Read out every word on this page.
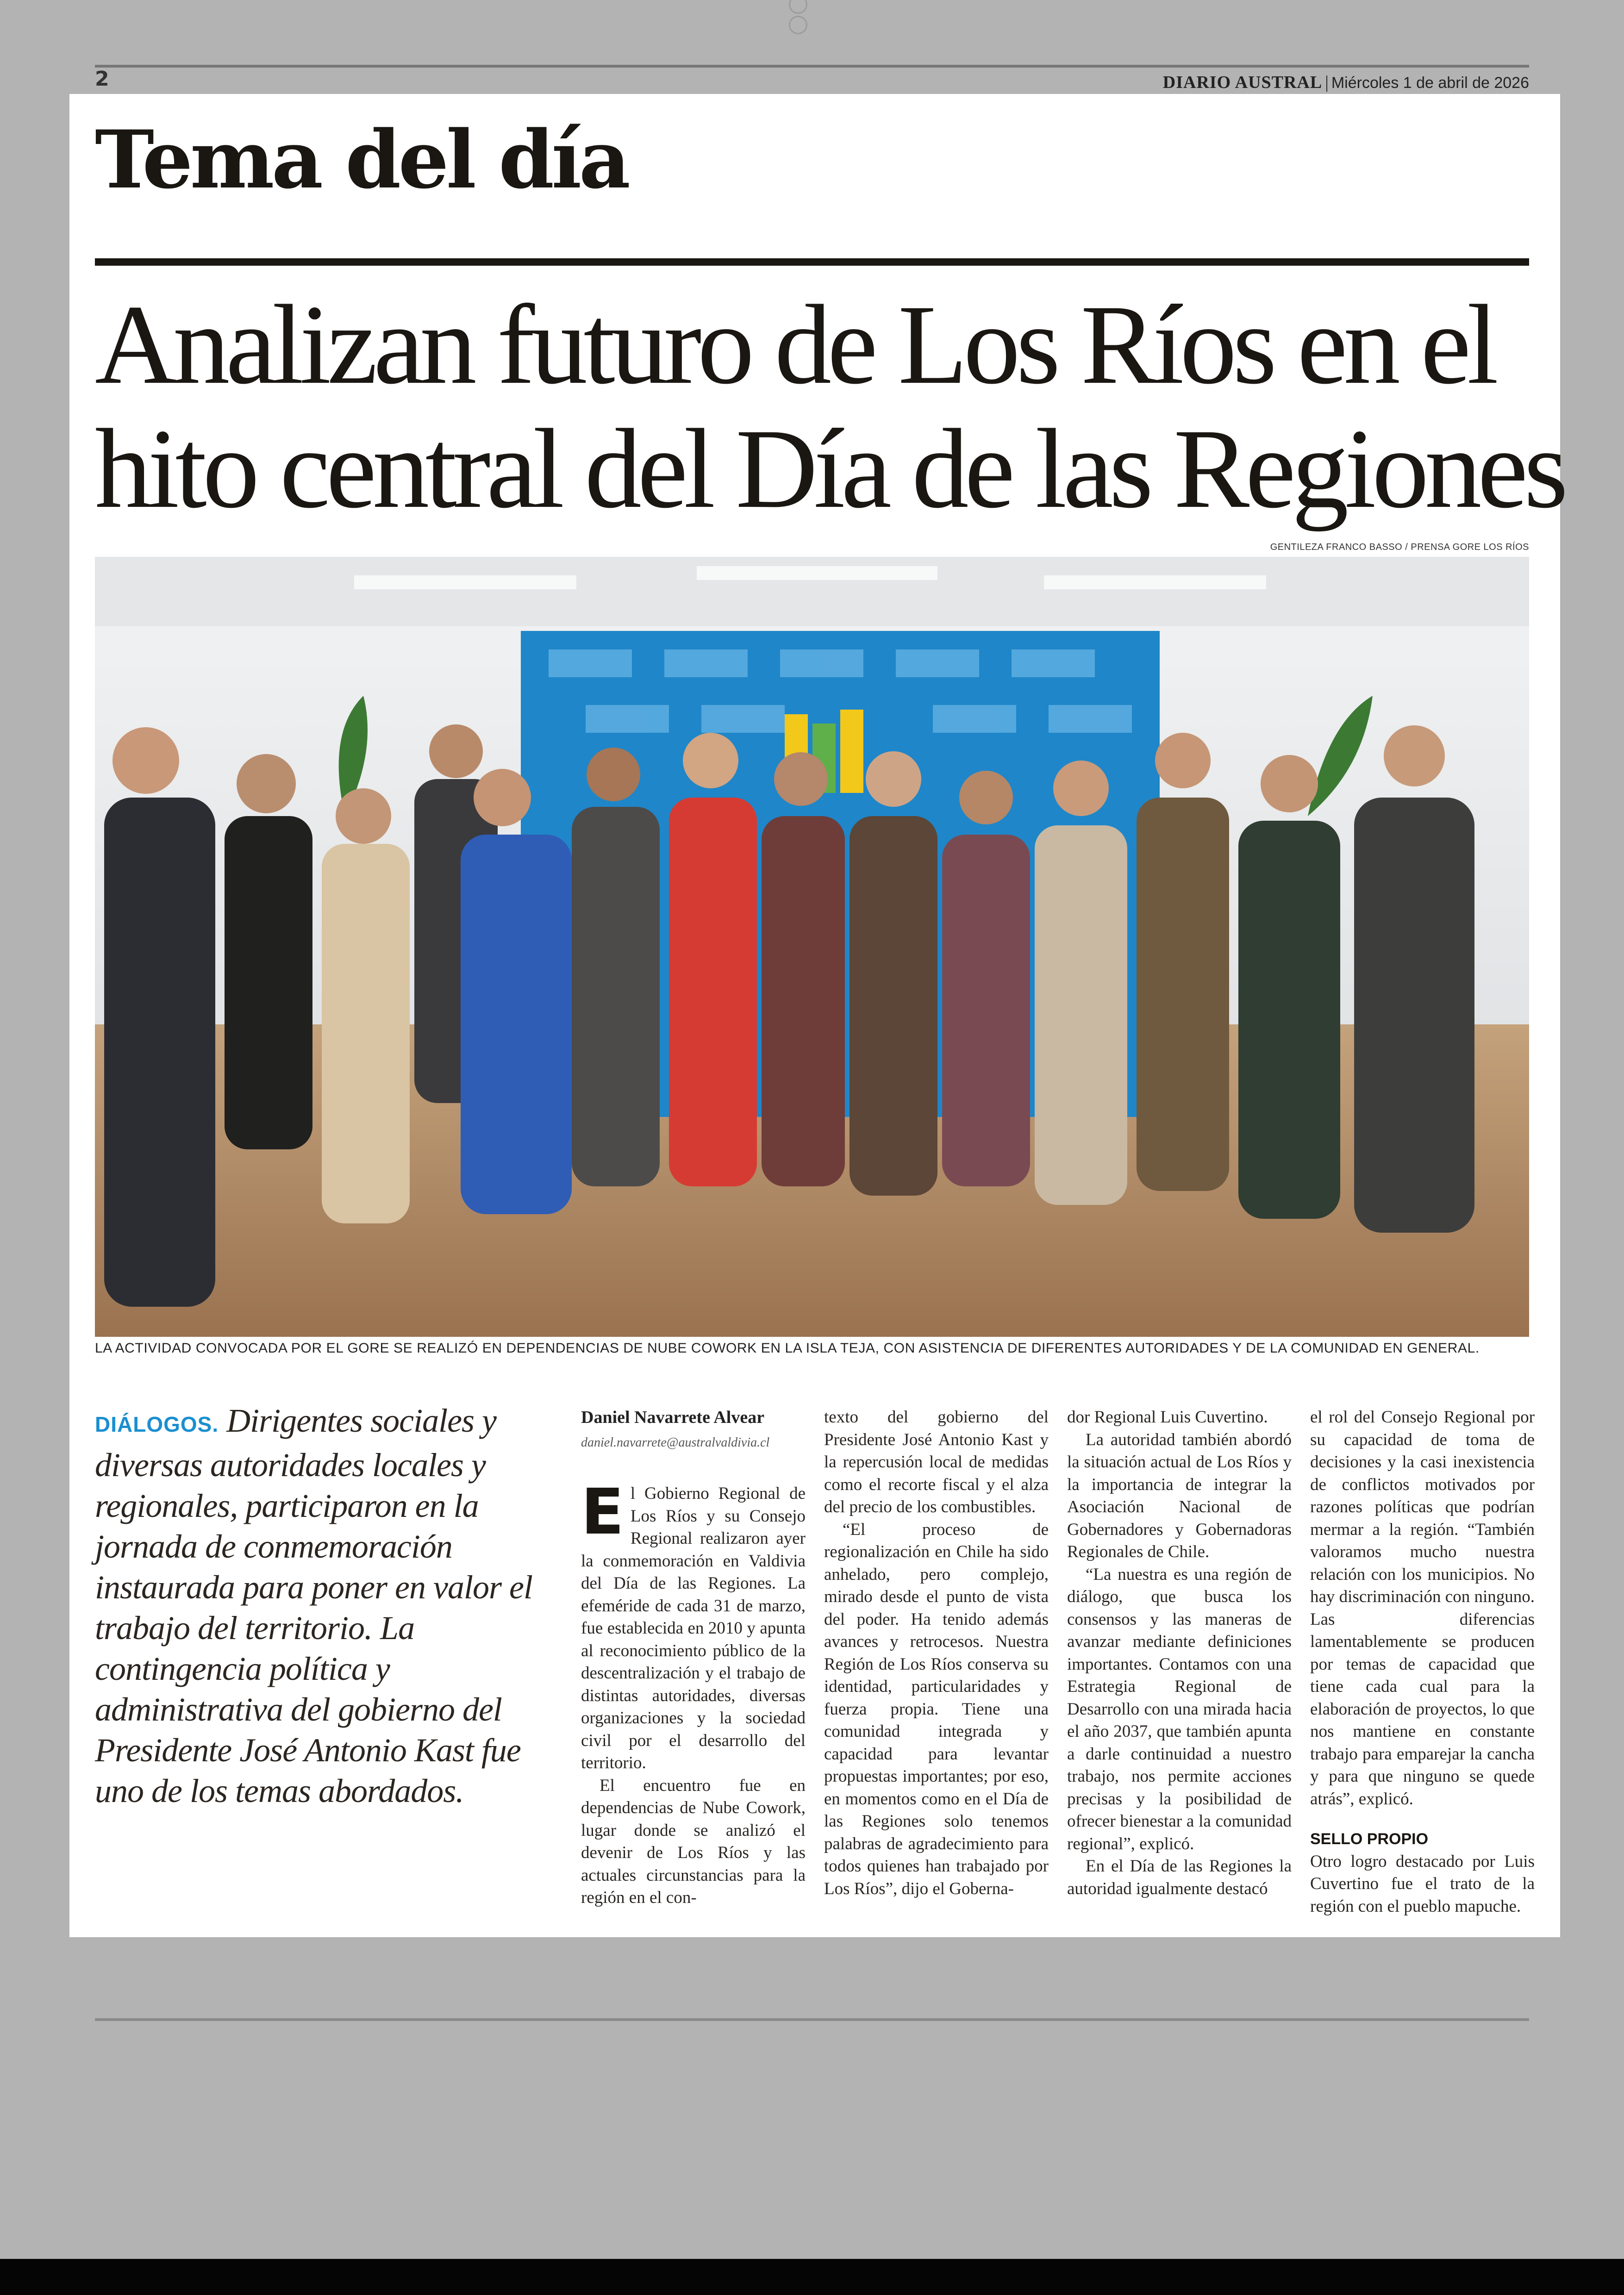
2	DIARIO AUSTRAL | Miércoles 1 de abril de 2026
Tema del día
Analizan futuro de Los Ríos en el
hito central del Día de las Regiones
GENTILEZA FRANCO BASSO / PRENSA GORE LOS RÍOS
LA ACTIVIDAD CONVOCADA POR EL GORE SE REALIZÓ EN DEPENDENCIAS DE NUBE COWORK EN LA ISLA TEJA, CON ASISTENCIA DE DIFERENTES AUTORIDADES Y DE LA COMUNIDAD EN GENERAL.
DIÁLOGOS. Dirigentes sociales y diversas autoridades locales y regionales, participaron en la jornada de conmemoración instaurada para poner en valor el trabajo del territorio. La contingencia política y administrativa del gobierno del Presidente José Antonio Kast fue uno de los temas abordados.
Daniel Navarrete Alvear
daniel.navarrete@australvaldivia.cl

El Gobierno Regional de Los Ríos y su Consejo Regional realizaron ayer la conmemoración en Valdivia del Día de las Regiones. La efeméride de cada 31 de marzo, fue establecida en 2010 y apunta al reconocimiento público de la descentralización y el trabajo de distintas autoridades, diversas organizaciones y la sociedad civil por el desarrollo del territorio.

El encuentro fue en dependencias de Nube Cowork, lugar donde se analizó el devenir de Los Ríos y las actuales circunstancias para la región en el con-

texto del gobierno del Presidente José Antonio Kast y la repercusión local de medidas como el recorte fiscal y el alza del precio de los combustibles.

“El proceso de regionalización en Chile ha sido anhelado, pero complejo, mirado desde el punto de vista del poder. Ha tenido además avances y retrocesos. Nuestra Región de Los Ríos conserva su identidad, particularidades y fuerza propia. Tiene una comunidad integrada y capacidad para levantar propuestas importantes; por eso, en momentos como en el Día de las Regiones solo tenemos palabras de agradecimiento para todos quienes han trabajado por Los Ríos”, dijo el Goberna-

dor Regional Luis Cuvertino.

La autoridad también abordó la situación actual de Los Ríos y la importancia de integrar la Asociación Nacional de Gobernadores y Gobernadoras Regionales de Chile.

“La nuestra es una región de diálogo, que busca los consensos y las maneras de avanzar mediante definiciones importantes. Contamos con una Estrategia Regional de Desarrollo con una mirada hacia el año 2037, que también apunta a darle continuidad a nuestro trabajo, nos permite acciones precisas y la posibilidad de ofrecer bienestar a la comunidad regional”, explicó.

En el Día de las Regiones la autoridad igualmente destacó

el rol del Consejo Regional por su capacidad de toma de decisiones y la casi inexistencia de conflictos motivados por razones políticas que podrían mermar a la región. “También valoramos mucho nuestra relación con los municipios. No hay discriminación con ninguno. Las diferencias lamentablemente se producen por temas de capacidad que tiene cada cual para la elaboración de proyectos, lo que nos mantiene en constante trabajo para emparejar la cancha y para que ninguno se quede atrás”, explicó.

SELLO PROPIO

Otro logro destacado por Luis Cuvertino fue el trato de la región con el pueblo mapuche.
